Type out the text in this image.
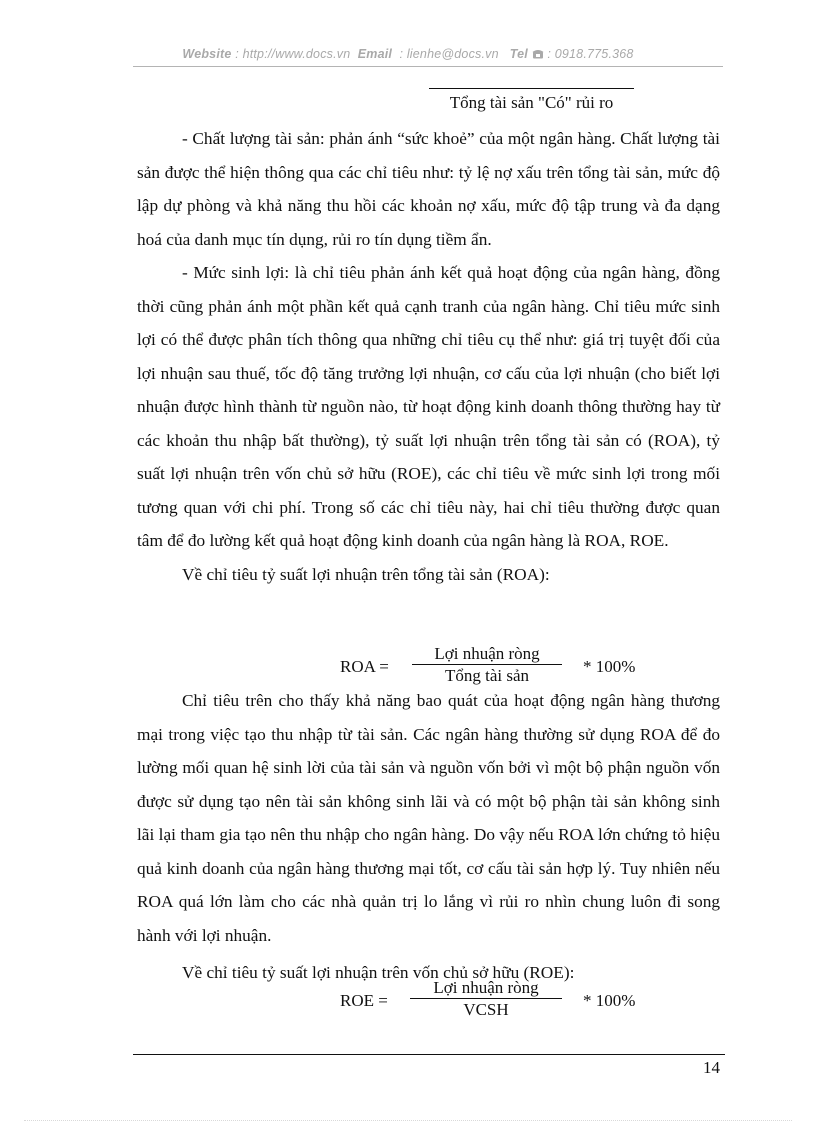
Website : http://www.docs.vn Email : lienhe@docs.vn Tel : 0918.775.368
Tổng tài sản "Có" rủi ro

- Chất lượng tài sản: phản ánh “sức khoẻ” của một ngân hàng. Chất lượng tài sản được thể hiện thông qua các chỉ tiêu như: tỷ lệ nợ xấu trên tổng tài sản, mức độ lập dự phòng và khả năng thu hồi các khoản nợ xấu, mức độ tập trung và đa dạng hoá của danh mục tín dụng, rủi ro tín dụng tiềm ẩn.

- Mức sinh lợi: là chỉ tiêu phản ánh kết quả hoạt động của ngân hàng, đồng thời cũng phản ánh một phần kết quả cạnh tranh của ngân hàng. Chỉ tiêu mức sinh lợi có thể được phân tích thông qua những chỉ tiêu cụ thể như: giá trị tuyệt đối của lợi nhuận sau thuế, tốc độ tăng trưởng lợi nhuận, cơ cấu của lợi nhuận (cho biết lợi nhuận được hình thành từ nguồn nào, từ hoạt động kinh doanh thông thường hay từ các khoản thu nhập bất thường), tỷ suất lợi nhuận trên tổng tài sản có (ROA), tỷ suất lợi nhuận trên vốn chủ sở hữu (ROE), các chỉ tiêu về mức sinh lợi trong mối tương quan với chi phí. Trong số các chỉ tiêu này, hai chỉ tiêu thường được quan tâm để đo lường kết quả hoạt động kinh doanh của ngân hàng là ROA, ROE.

Về chỉ tiêu tỷ suất lợi nhuận trên tổng tài sản (ROA):

ROA =
Lợi nhuận ròng
Tổng tài sản	* 100%

Chỉ tiêu trên cho thấy khả năng bao quát của hoạt động ngân hàng thương mại trong việc tạo thu nhập từ tài sản. Các ngân hàng thường sử dụng ROA để đo lường mối quan hệ sinh lời của tài sản và nguồn vốn bởi vì một bộ phận nguồn vốn được sử dụng tạo nên tài sản không sinh lãi và có một bộ phận tài sản không sinh lãi lại tham gia tạo nên thu nhập cho ngân hàng. Do vậy nếu ROA lớn chứng tỏ hiệu quả kinh doanh của ngân hàng thương mại tốt, cơ cấu tài sản hợp lý. Tuy nhiên nếu ROA quá lớn làm cho các nhà quản trị lo lắng vì rủi ro nhìn chung luôn đi song hành với lợi nhuận.

Về chỉ tiêu tỷ suất lợi nhuận trên vốn chủ sở hữu (ROE):

ROE =
Lợi nhuận ròng
VCSH	* 100%
14
